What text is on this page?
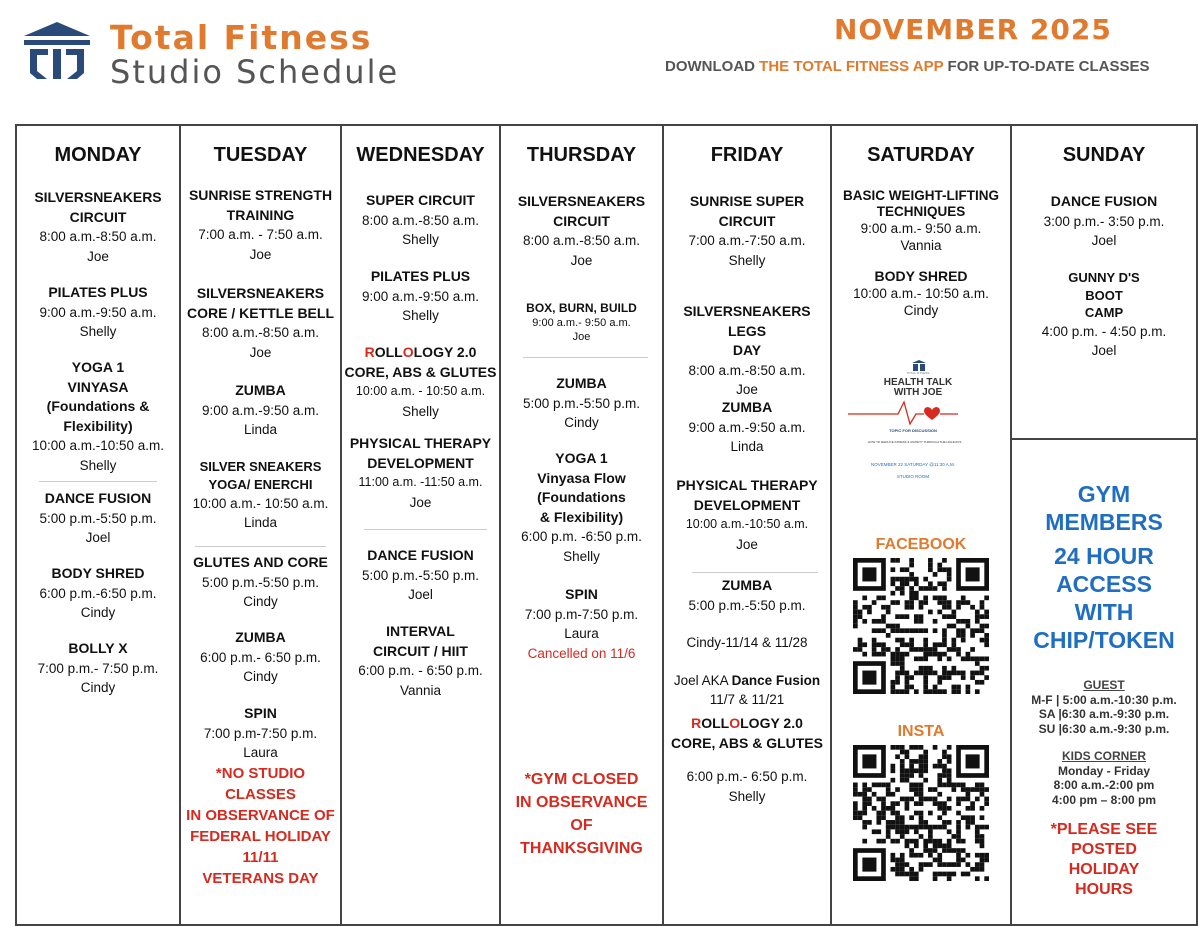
Total Fitness
Studio Schedule
NOVEMBER 2025
DOWNLOAD THE TOTAL FITNESS APP FOR UP-TO-DATE CLASSES
MONDAY
SILVERSNEAKERS
CIRCUIT
8:00 a.m.-8:50 a.m.
Joe
PILATES PLUS
9:00 a.m.-9:50 a.m.
Shelly
YOGA 1
VINYASA
(Foundations &
Flexibility)
10:00 a.m.-10:50 a.m.
Shelly
DANCE FUSION
5:00 p.m.-5:50 p.m.
Joel
BODY SHRED
6:00 p.m.-6:50 p.m.
Cindy
BOLLY X
7:00 p.m.- 7:50 p.m.
Cindy
TUESDAY
SUNRISE STRENGTH
TRAINING
7:00 a.m. - 7:50 a.m.
Joe
SILVERSNEAKERS
CORE / KETTLE BELL
8:00 a.m.-8:50 a.m.
Joe
ZUMBA
9:00 a.m.-9:50 a.m.
Linda
SILVER SNEAKERS
YOGA/ ENERCHI
10:00 a.m.- 10:50 a.m.
Linda
GLUTES AND CORE
5:00 p.m.-5:50 p.m.
Cindy
ZUMBA
6:00 p.m.- 6:50 p.m.
Cindy
SPIN
7:00 p.m-7:50 p.m.
Laura
*NO STUDIO CLASSES
IN OBSERVANCE OF
FEDERAL HOLIDAY
11/11
VETERANS DAY
WEDNESDAY
SUPER CIRCUIT
8:00 a.m.-8:50 a.m.
Shelly
PILATES PLUS
9:00 a.m.-9:50 a.m.
Shelly
ROLLOLOGY 2.0
CORE, ABS & GLUTES
10:00 a.m. - 10:50 a.m.
Shelly
PHYSICAL THERAPY
DEVELOPMENT
11:00 a.m. -11:50 a.m.
Joe
DANCE FUSION
5:00 p.m.-5:50 p.m.
Joel
INTERVAL
CIRCUIT / HIIT
6:00 p.m. - 6:50 p.m.
Vannia
THURSDAY
SILVERSNEAKERS
CIRCUIT
8:00 a.m.-8:50 a.m.
Joe
BOX, BURN, BUILD
9:00 a.m.- 9:50 a.m.
Joe
ZUMBA
5:00 p.m.-5:50 p.m.
Cindy
YOGA 1
Vinyasa Flow
(Foundations
& Flexibility)
6:00 p.m. -6:50 p.m.
Shelly
SPIN
7:00 p.m-7:50 p.m.
Laura
Cancelled on 11/6
*GYM CLOSED
IN OBSERVANCE
OF
THANKSGIVING
FRIDAY
SUNRISE SUPER
CIRCUIT
7:00 a.m.-7:50 a.m.
Shelly
SILVERSNEAKERS LEGS
DAY
8:00 a.m.-8:50 a.m.
Joe
ZUMBA
9:00 a.m.-9:50 a.m.
Linda
PHYSICAL THERAPY
DEVELOPMENT
10:00 a.m.-10:50 a.m.
Joe
ZUMBA
5:00 p.m.-5:50 p.m.
Cindy-11/14 & 11/28
Joel AKA Dance Fusion
11/7 & 11/21
ROLLOLOGY 2.0
CORE, ABS & GLUTES
6:00 p.m.- 6:50 p.m.
Shelly
SATURDAY
BASIC WEIGHT-LIFTING
TECHNIQUES
9:00 a.m.- 9:50 a.m.
Vannia
BODY SHRED
10:00 a.m.- 10:50 a.m.
Cindy
TOTAL FITNESS
HEALTH TALK
WITH JOE
TOPIC FOR DISCUSSION
HOW TO REDUCE STRESS & ANXIETY THROUGH THE HOLIDAYS
NOVEMBER 22 SATURDAY @11:30 A.M.
STUDIO ROOM
FACEBOOK
INSTA
SUNDAY
DANCE FUSION
3:00 p.m.- 3:50 p.m.
Joel
GUNNY D'S
BOOT
CAMP
4:00 p.m. - 4:50 p.m.
Joel
GYM
MEMBERS
24 HOUR
ACCESS
WITH
CHIP/TOKEN
GUEST
M-F | 5:00 a.m.-10:30 p.m.
SA |6:30 a.m.-9:30 p.m.
SU |6:30 a.m.-9:30 p.m.
KIDS CORNER
Monday - Friday
8:00 a.m.-2:00 pm
4:00 pm – 8:00 pm
*PLEASE SEE
POSTED
HOLIDAY
HOURS
